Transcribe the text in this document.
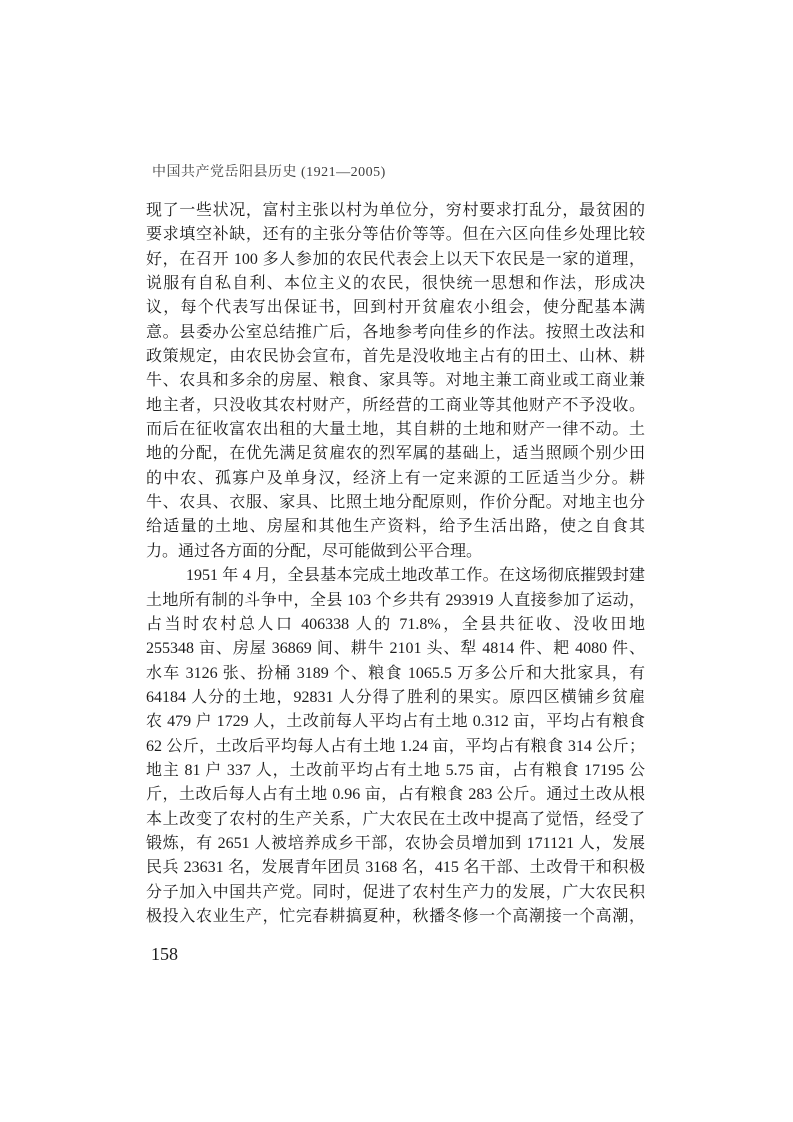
中国共产党岳阳县历史 (1921—2005)
现了一些状况，富村主张以村为单位分，穷村要求打乱分，最贫困的
要求填空补缺，还有的主张分等估价等等。但在六区向佳乡处理比较
好，在召开 100 多人参加的农民代表会上以天下农民是一家的道理，
说服有自私自利、本位主义的农民，很快统一思想和作法，形成决
议，每个代表写出保证书，回到村开贫雇农小组会，使分配基本满
意。县委办公室总结推广后，各地参考向佳乡的作法。按照土改法和
政策规定，由农民协会宣布，首先是没收地主占有的田土、山林、耕
牛、农具和多余的房屋、粮食、家具等。对地主兼工商业或工商业兼
地主者，只没收其农村财产，所经营的工商业等其他财产不予没收。
而后在征收富农出租的大量土地，其自耕的土地和财产一律不动。土
地的分配，在优先满足贫雇农的烈军属的基础上，适当照顾个别少田
的中农、孤寡户及单身汉，经济上有一定来源的工匠适当少分。耕
牛、农具、衣服、家具、比照土地分配原则，作价分配。对地主也分
给适量的土地、房屋和其他生产资料，给予生活出路，使之自食其
力。通过各方面的分配，尽可能做到公平合理。
1951 年 4 月，全县基本完成土地改革工作。在这场彻底摧毁封建
土地所有制的斗争中，全县 103 个乡共有 293919 人直接参加了运动，
占当时农村总人口 406338 人的 71.8%，全县共征收、没收田地
255348 亩、房屋 36869 间、耕牛 2101 头、犁 4814 件、耙 4080 件、
水车 3126 张、扮桶 3189 个、粮食 1065.5 万多公斤和大批家具，有
64184 人分的土地，92831 人分得了胜利的果实。原四区横铺乡贫雇
农 479 户 1729 人，土改前每人平均占有土地 0.312 亩，平均占有粮食
62 公斤，土改后平均每人占有土地 1.24 亩，平均占有粮食 314 公斤；
地主 81 户 337 人，土改前平均占有土地 5.75 亩，占有粮食 17195 公
斤，土改后每人占有土地 0.96 亩，占有粮食 283 公斤。通过土改从根
本上改变了农村的生产关系，广大农民在土改中提高了觉悟，经受了
锻炼，有 2651 人被培养成乡干部，农协会员增加到 171121 人，发展
民兵 23631 名，发展青年团员 3168 名，415 名干部、土改骨干和积极
分子加入中国共产党。同时，促进了农村生产力的发展，广大农民积
极投入农业生产，忙完春耕搞夏种，秋播冬修一个高潮接一个高潮，
158
